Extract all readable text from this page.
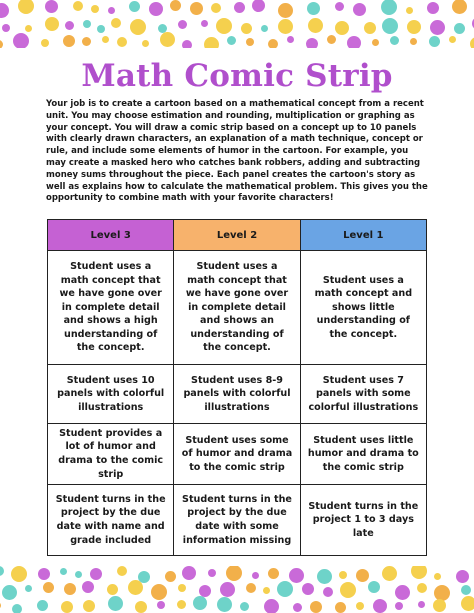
Math Comic Strip

Your job is to create a cartoon based on a mathematical concept from a recent unit. You may choose estimation and rounding, multiplication or graphing as your concept. You will draw a comic strip based on a concept up to 10 panels with clearly drawn characters, an explanation of a math technique, concept or rule, and include some elements of humor in the cartoon. For example, you may create a masked hero who catches bank robbers, adding and subtracting money sums throughout the piece. Each panel creates the cartoon's story as well as explains how to calculate the mathematical problem. This gives you the opportunity to combine math with your favorite characters!

Level 3	Level 2	Level 1
Student uses a math concept that we have gone over in complete detail and shows a high understanding of the concept.	Student uses a math concept that we have gone over in complete detail and shows an understanding of the concept.	Student uses a math concept and shows little understanding of the concept.
Student uses 10 panels with colorful illustrations	Student uses 8-9 panels with colorful illustrations	Student uses 7 panels with some colorful illustrations
Student provides a lot of humor and drama to the comic strip	Student uses some of humor and drama to the comic strip	Student uses little humor and drama to the comic strip
Student turns in the project by the due date with name and grade included	Student turns in the project by the due date with some information missing	Student turns in the project 1 to 3 days late
